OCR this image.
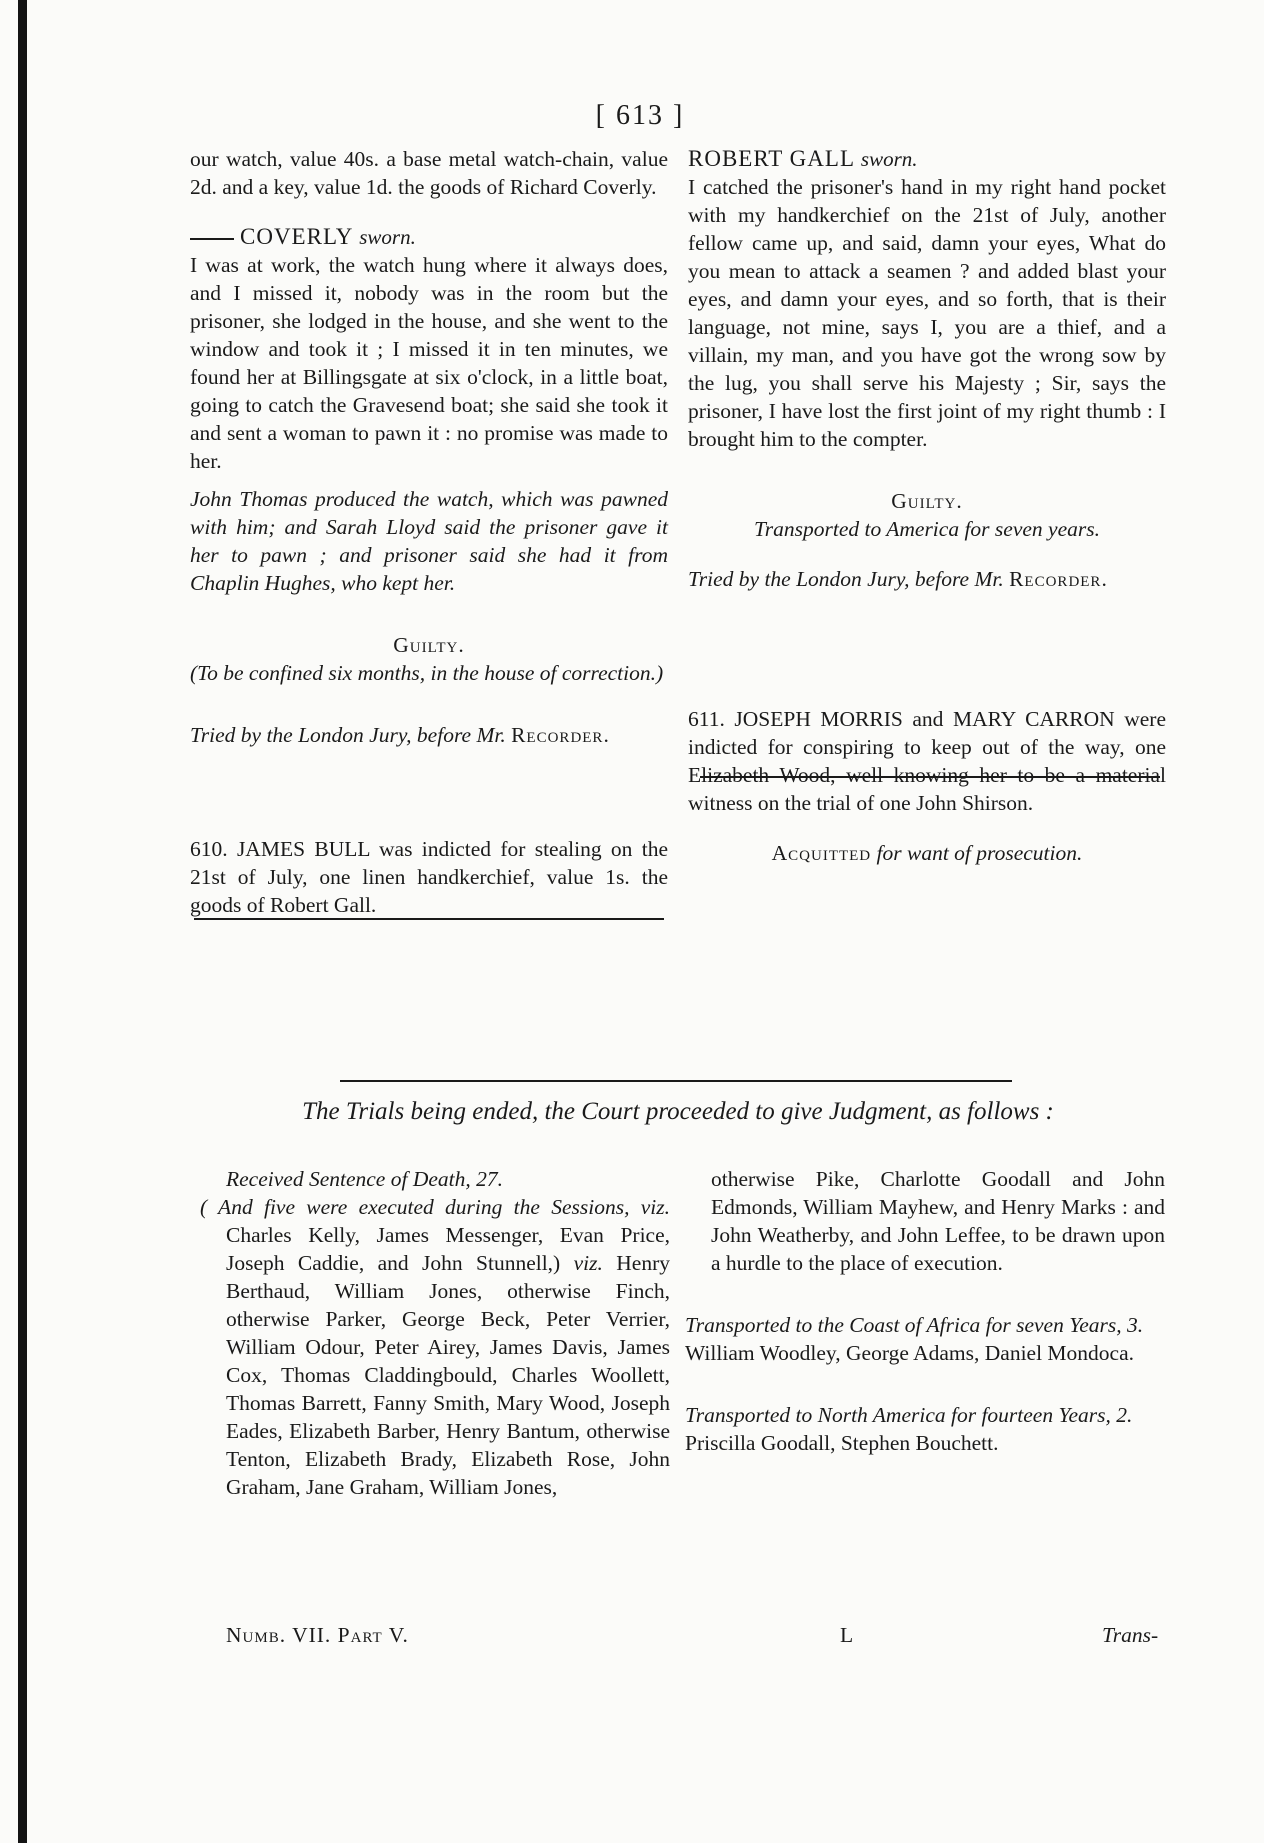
[ 613 ]

our watch, value 40s. a base metal watch-chain, value 2d. and a key, value 1d. the goods of Richard Coverly.

COVERLY sworn.

I was at work, the watch hung where it always does, and I missed it, nobody was in the room but the prisoner, she lodged in the house, and she went to the window and took it ; I missed it in ten minutes, we found her at Billingsgate at six o'clock, in a little boat, going to catch the Gravesend boat; she said she took it and sent a woman to pawn it : no promise was made to her.

John Thomas produced the watch, which was pawned with him; and Sarah Lloyd said the prisoner gave it her to pawn ; and prisoner said she had it from Chaplin Hughes, who kept her.

Guilty.

(To be confined six months, in the house of correction.)

Tried by the London Jury, before Mr. Recorder.

610. JAMES BULL was indicted for stealing on the 21st of July, one linen handkerchief, value 1s. the goods of Robert Gall.

ROBERT GALL sworn.

I catched the prisoner's hand in my right hand pocket with my handkerchief on the 21st of July, another fellow came up, and said, damn your eyes, What do you mean to attack a seamen ? and added blast your eyes, and damn your eyes, and so forth, that is their language, not mine, says I, you are a thief, and a villain, my man, and you have got the wrong sow by the lug, you shall serve his Majesty ; Sir, says the prisoner, I have lost the first joint of my right thumb : I brought him to the compter.

Guilty.

Transported to America for seven years.

Tried by the London Jury, before Mr. Recorder.

611. JOSEPH MORRIS and MARY CARRON were indicted for conspiring to keep out of the way, one Elizabeth Wood, well knowing her to be a material witness on the trial of one John Shirson.

Acquitted for want of prosecution.

The Trials being ended, the Court proceeded to give Judgment, as follows :

Received Sentence of Death, 27.

( And five were executed during the Sessions, viz. Charles Kelly, James Messenger, Evan Price, Joseph Caddie, and John Stunnell,) viz. Henry Berthaud, William Jones, otherwise Finch, otherwise Parker, George Beck, Peter Verrier, William Odour, Peter Airey, James Davis, James Cox, Thomas Claddingbould, Charles Woollett, Thomas Barrett, Fanny Smith, Mary Wood, Joseph Eades, Elizabeth Barber, Henry Bantum, otherwise Tenton, Elizabeth Brady, Elizabeth Rose, John Graham, Jane Graham, William Jones,

otherwise Pike, Charlotte Goodall and John Edmonds, William Mayhew, and Henry Marks : and John Weatherby, and John Leffee, to be drawn upon a hurdle to the place of execution.

Transported to the Coast of Africa for seven Years, 3.

William Woodley, George Adams, Daniel Mondoca.

Transported to North America for fourteen Years, 2.

Priscilla Goodall, Stephen Bouchett.

Numb. VII. Part V.	L	Trans-
